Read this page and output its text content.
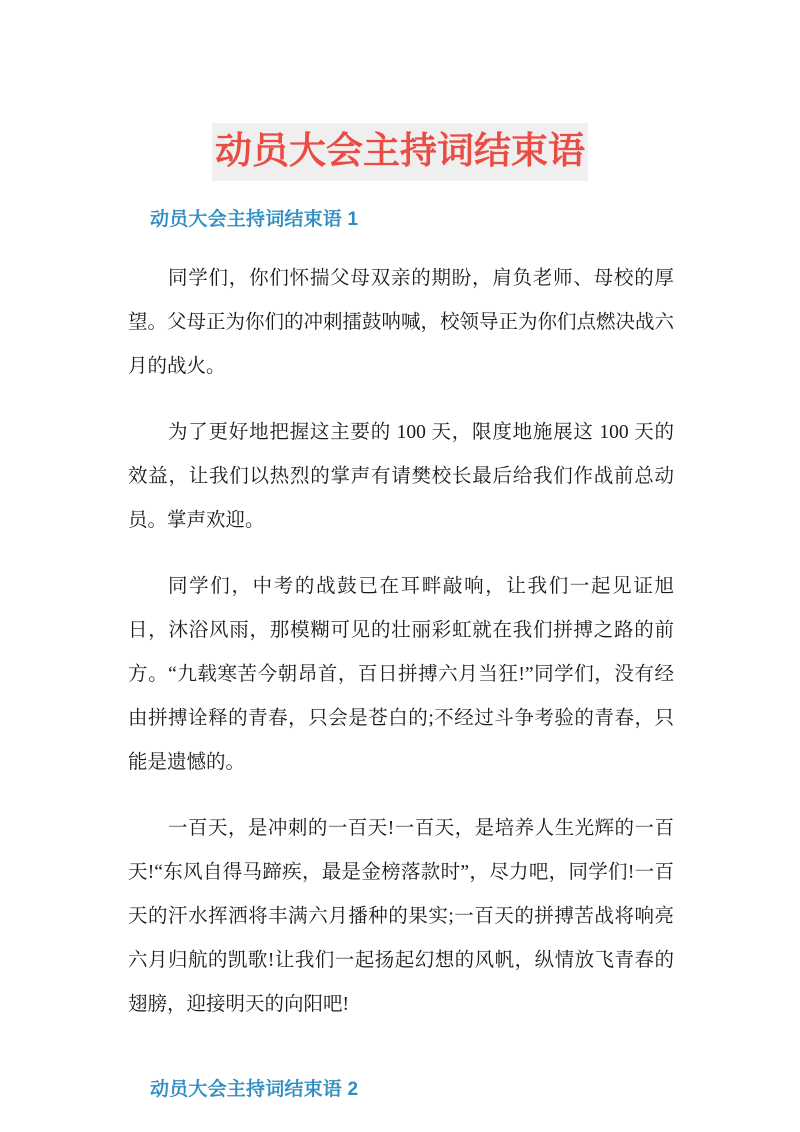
动员大会主持词结束语
动员大会主持词结束语 1

同学们，你们怀揣父母双亲的期盼，肩负老师、母校的厚望。父母正为你们的冲刺擂鼓呐喊，校领导正为你们点燃决战六月的战火。

为了更好地把握这主要的 100 天，限度地施展这 100 天的效益，让我们以热烈的掌声有请樊校长最后给我们作战前总动员。掌声欢迎。

同学们，中考的战鼓已在耳畔敲响，让我们一起见证旭日，沐浴风雨，那模糊可见的壮丽彩虹就在我们拼搏之路的前方。“九载寒苦今朝昂首，百日拼搏六月当狂!”同学们，没有经由拼搏诠释的青春，只会是苍白的;不经过斗争考验的青春，只能是遗憾的。

一百天，是冲刺的一百天!一百天，是培养人生光辉的一百天!“东风自得马蹄疾，最是金榜落款时”，尽力吧，同学们!一百天的汗水挥洒将丰满六月播种的果实;一百天的拼搏苦战将响亮六月归航的凯歌!让我们一起扬起幻想的风帆，纵情放飞青春的翅膀，迎接明天的向阳吧!

动员大会主持词结束语 2
